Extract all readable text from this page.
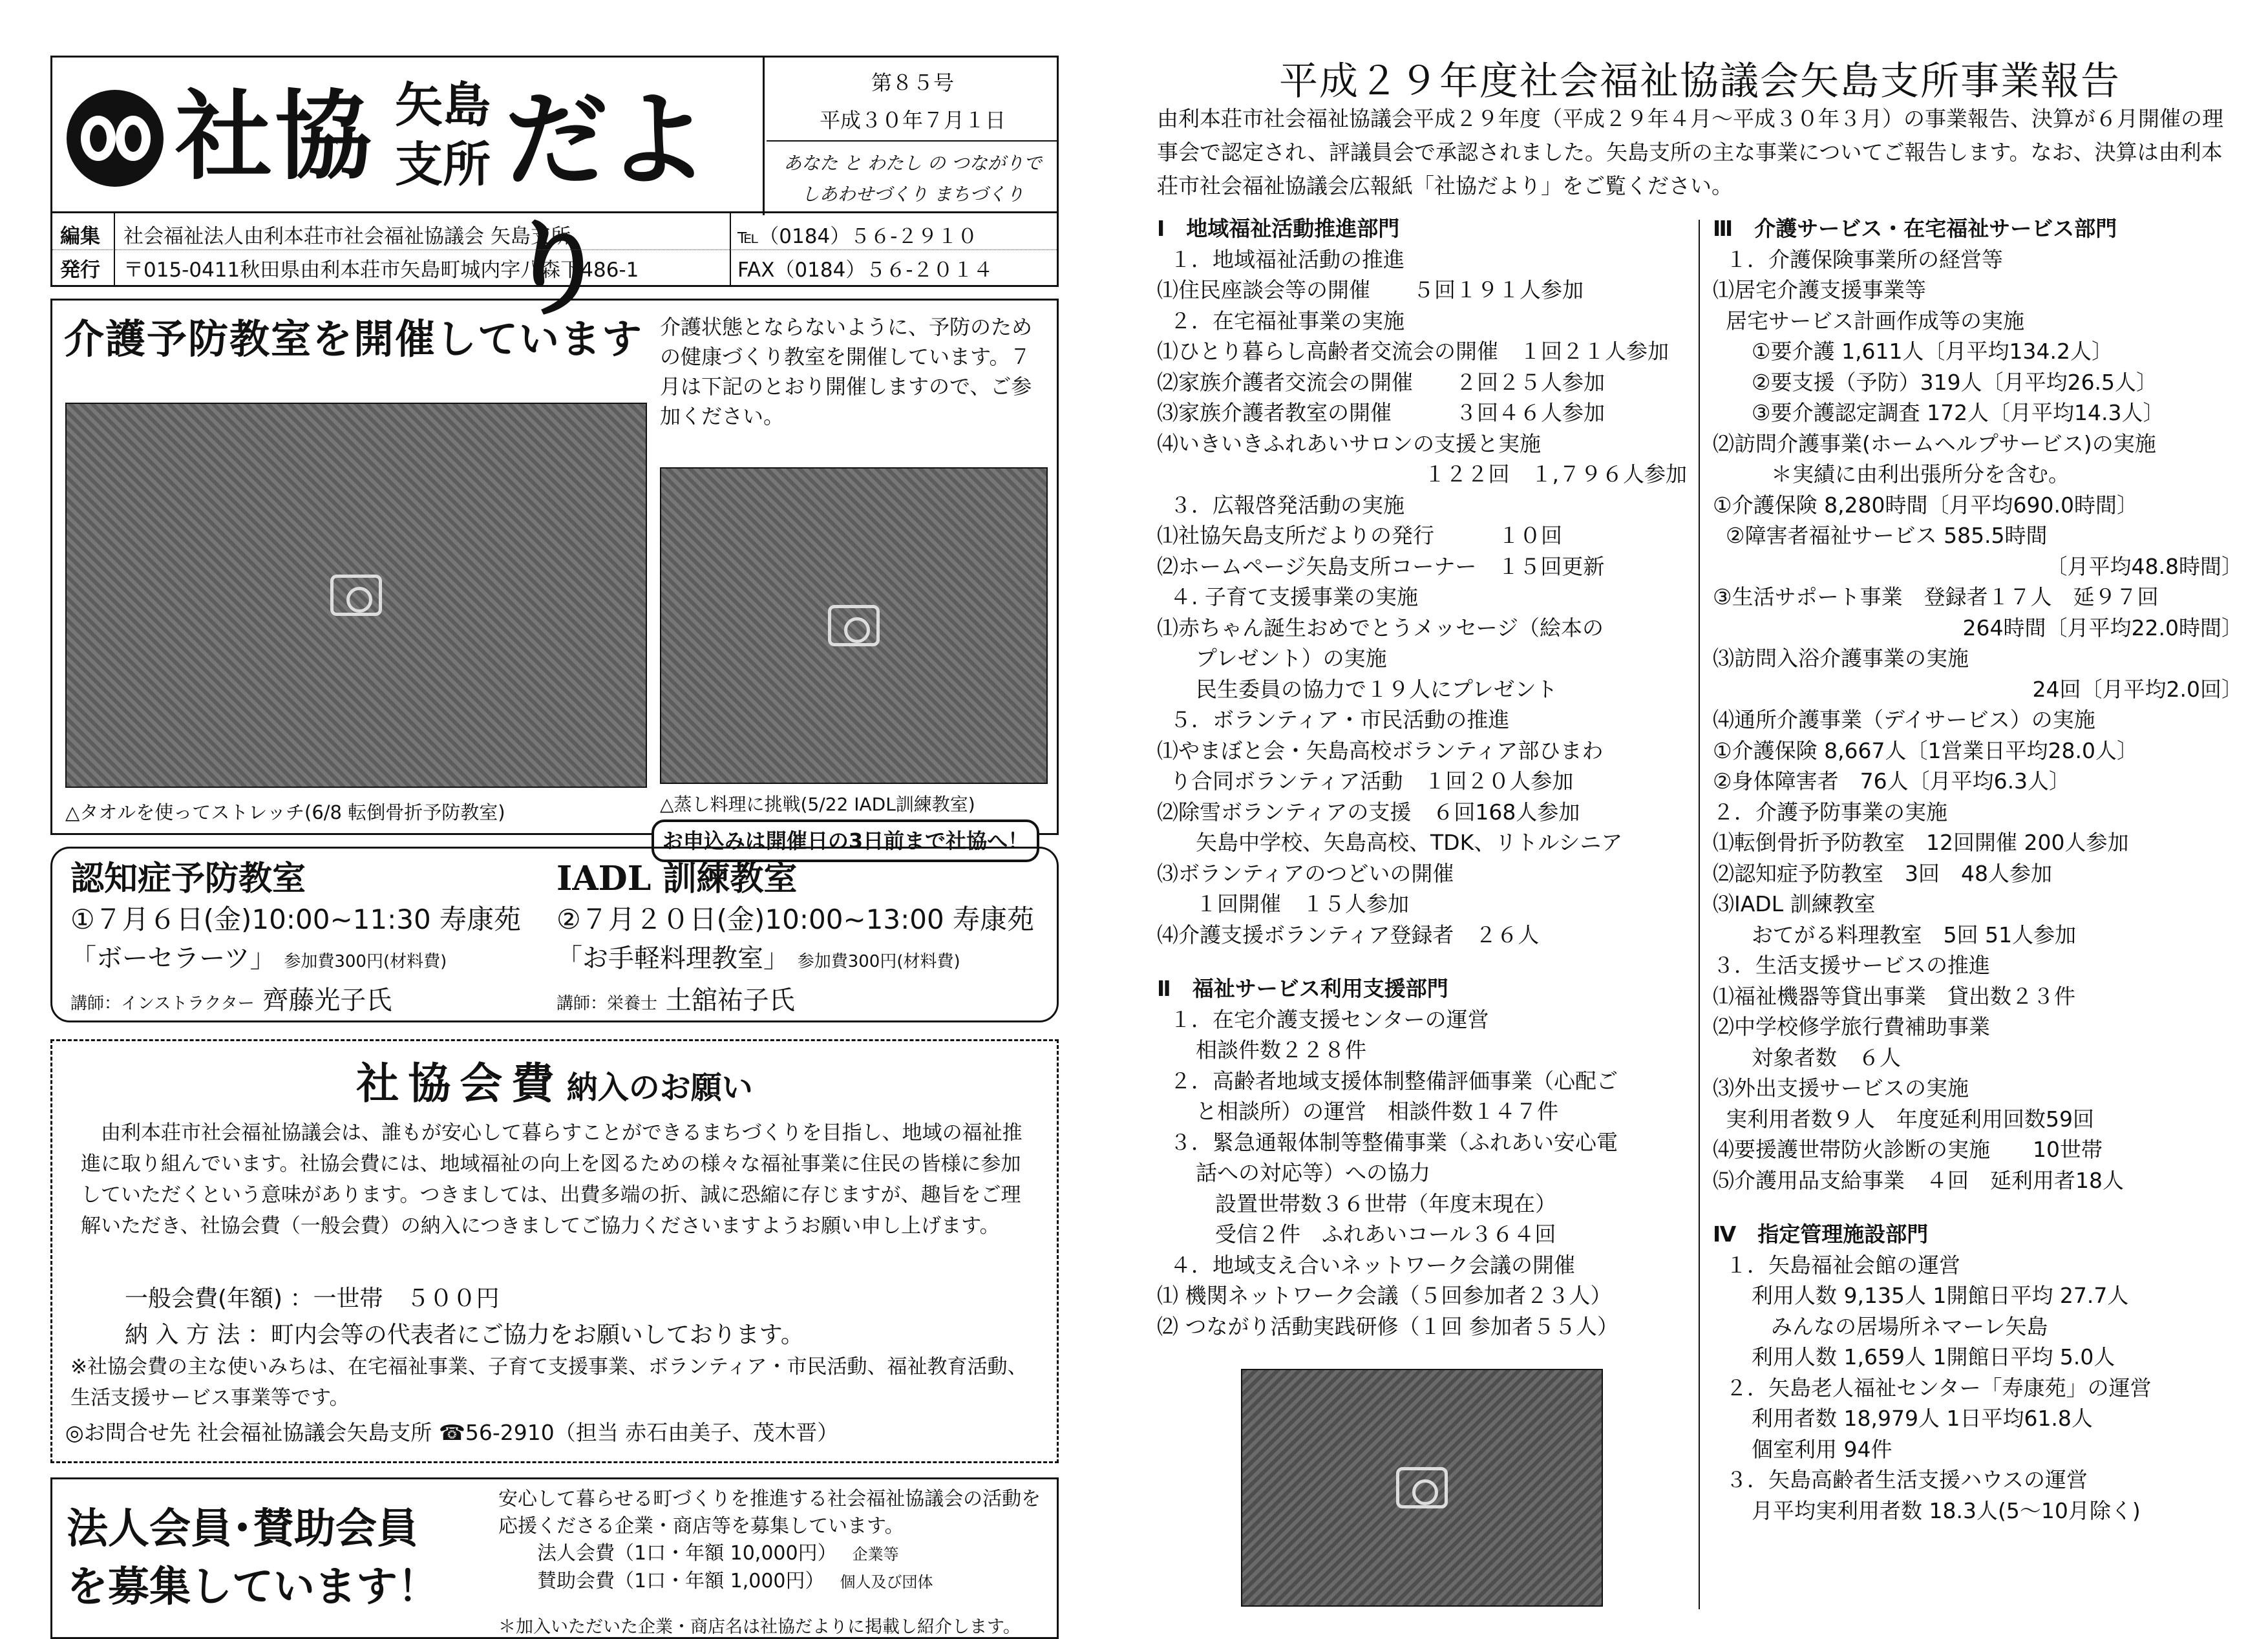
社協 矢島
支所 だより
第８５号
平成３０年７月１日
あなた と わたし の つながりで
しあわせづくり まちづくり
編集 社会福祉法人由利本荘市社会福祉協議会 矢島支所	℡（0184）５６-２９１０
発行 〒015-0411秋田県由利本荘市矢島町城内字八森下486-1	FAX（0184）５６-２０１４
介護予防教室を開催しています 介護状態とならないように、予防のための健康づくり教室を開催しています。７月は下記のとおり開催しますので、ご参加ください。
△タオルを使ってストレッチ(6/8 転倒骨折予防教室)	△蒸し料理に挑戦(5/22 IADL訓練教室)
お申込みは開催日の3日前まで社協へ！
認知症予防教室
①７月６日(金)10:00~11:30 寿康苑
「ボーセラーツ」 参加費300円(材料費)
講師：インストラクター 齊藤光子氏
IADL 訓練教室
②７月２０日(金)10:00~13:00 寿康苑
「お手軽料理教室」 参加費300円(材料費)
講師：栄養士 土舘祐子氏
社協会費 納入のお願い
由利本荘市社会福祉協議会は、誰もが安心して暮らすことができるまちづくりを目指し、地域の福祉推進に取り組んでいます。社協会費には、地域福祉の向上を図るための様々な福祉事業に住民の皆様に参加していただくという意味があります。つきましては、出費多端の折、誠に恐縮に存じますが、趣旨をご理解いただき、社協会費（一般会費）の納入につきましてご協力くださいますようお願い申し上げます。
一般会費(年額) ：一世帯　５００円
納 入 方 法 ：町内会等の代表者にご協力をお願いしております。
※社協会費の主な使いみちは、在宅福祉事業、子育て支援事業、ボランティア・市民活動、福祉教育活動、生活支援サービス事業等です。
◎お問合せ先 社会福祉協議会矢島支所 ☎56-2910（担当 赤石由美子、茂木晋）
法人会員･賛助会員
を募集しています！
安心して暮らせる町づくりを推進する社会福祉協議会の活動を応援くださる企業・商店等を募集しています。
法人会費（1口・年額 10,000円） 企業等
賛助会費（1口・年額 1,000円） 個人及び団体
＊加入いただいた企業・商店名は社協だよりに掲載し紹介します。
平成２９年度社会福祉協議会矢島支所事業報告
由利本荘市社会福祉協議会平成２９年度（平成２９年４月～平成３０年３月）の事業報告、決算が６月開催の理事会で認定され、評議員会で承認されました。矢島支所の主な事業についてご報告します。なお、決算は由利本荘市社会福祉協議会広報紙「社協だより」をご覧ください。
Ⅰ　地域福祉活動推進部門
１．地域福祉活動の推進
⑴住民座談会等の開催　　５回１９１人参加
２．在宅福祉事業の実施
⑴ひとり暮らし高齢者交流会の開催　１回２１人参加
⑵家族介護者交流会の開催　　２回２５人参加
⑶家族介護者教室の開催　　　３回４６人参加
⑷いきいきふれあいサロンの支援と実施
１２２回　１,７９６人参加
３．広報啓発活動の実施
⑴社協矢島支所だよりの発行　　　１０回
⑵ホームページ矢島支所コーナー　１５回更新
４. 子育て支援事業の実施
⑴赤ちゃん誕生おめでとうメッセージ（絵本の
プレゼント）の実施
民生委員の協力で１９人にプレゼント
５．ボランティア・市民活動の推進
⑴やまぼと会・矢島高校ボランティア部ひまわ
り合同ボランティア活動　１回２０人参加
⑵除雪ボランティアの支援　６回168人参加
矢島中学校、矢島高校、TDK、リトルシニア
⑶ボランティアのつどいの開催
１回開催　１５人参加
⑷介護支援ボランティア登録者　２６人
Ⅱ　福祉サービス利用支援部門
１．在宅介護支援センターの運営
相談件数２２８件
２．高齢者地域支援体制整備評価事業（心配ご
と相談所）の運営　相談件数１４７件
３．緊急通報体制等整備事業（ふれあい安心電
話への対応等）への協力
設置世帯数３６世帯（年度末現在）
受信２件　ふれあいコール３６４回
４．地域支え合いネットワーク会議の開催
⑴ 機関ネットワーク会議（５回参加者２３人）
⑵ つながり活動実践研修（１回 参加者５５人）
Ⅲ　介護サービス・在宅福祉サービス部門
１．介護保険事業所の経営等
⑴居宅介護支援事業等
居宅サービス計画作成等の実施
①要介護 1,611人〔月平均134.2人〕
②要支援（予防）319人〔月平均26.5人〕
③要介護認定調査 172人〔月平均14.3人〕
⑵訪問介護事業(ホームヘルプサービス)の実施
＊実績に由利出張所分を含む。
①介護保険 8,280時間〔月平均690.0時間〕
②障害者福祉サービス 585.5時間
〔月平均48.8時間〕
③生活サポート事業　登録者１７人　延９７回
264時間〔月平均22.0時間〕
⑶訪問入浴介護事業の実施
24回〔月平均2.0回〕
⑷通所介護事業（デイサービス）の実施
①介護保険 8,667人〔1営業日平均28.0人〕
②身体障害者　76人〔月平均6.3人〕
２．介護予防事業の実施
⑴転倒骨折予防教室　12回開催 200人参加
⑵認知症予防教室　3回　48人参加
⑶IADL 訓練教室
おてがる料理教室　5回 51人参加
３．生活支援サービスの推進
⑴福祉機器等貸出事業　貸出数２３件
⑵中学校修学旅行費補助事業
対象者数　６人
⑶外出支援サービスの実施
実利用者数９人　年度延利用回数59回
⑷要援護世帯防火診断の実施　　10世帯
⑸介護用品支給事業　４回　延利用者18人
Ⅳ　指定管理施設部門
１．矢島福祉会館の運営
利用人数 9,135人 1開館日平均 27.7人
みんなの居場所ネマーレ矢島
利用人数 1,659人 1開館日平均 5.0人
２．矢島老人福祉センター「寿康苑」の運営
利用者数 18,979人 1日平均61.8人
個室利用 94件
３．矢島高齢者生活支援ハウスの運営
月平均実利用者数 18.3人(5～10月除く)
